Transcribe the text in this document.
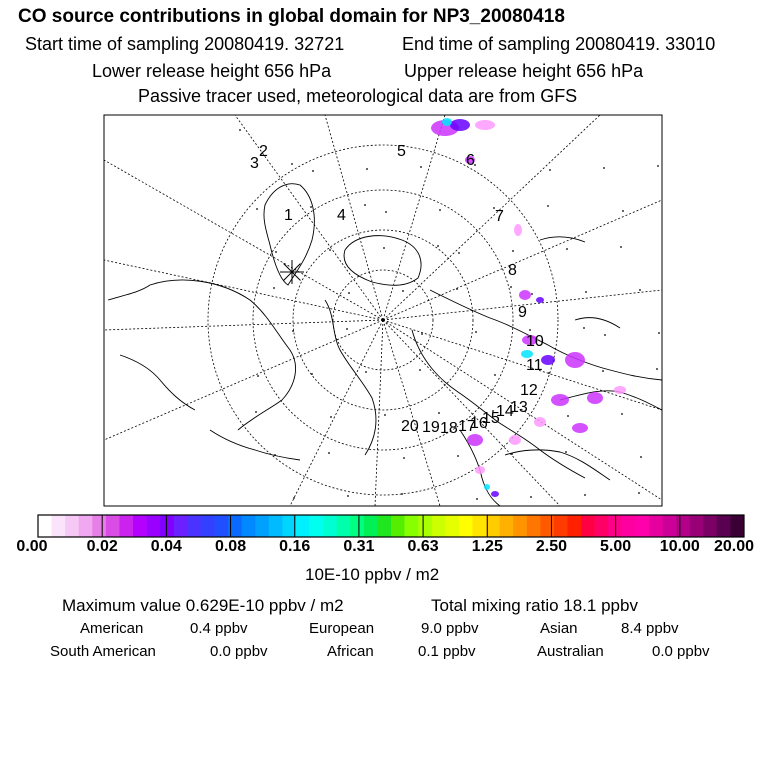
CO source contributions in global domain for NP3_20080418
Start time of sampling 20080419. 32721	End time of sampling 20080419. 33010
Lower release height 656 hPa	Upper release height 656 hPa
Passive tracer used, meteorological data are from GFS
1
2
3
4
5
6
7
8
9
10
11
12
13
14
15
16
17
18
19
20
0.00 0.02 0.04 0.08 0.16 0.31 0.63 1.25 2.50 5.00 10.00 20.00
10E-10 ppbv / m2
Maximum value 0.629E-10 ppbv / m2	Total mixing ratio 18.1 ppbv
American	0.4 ppbv	European	9.0 ppbv	Asian	8.4 ppbv
South American	0.0 ppbv	African	0.1 ppbv	Australian	0.0 ppbv
